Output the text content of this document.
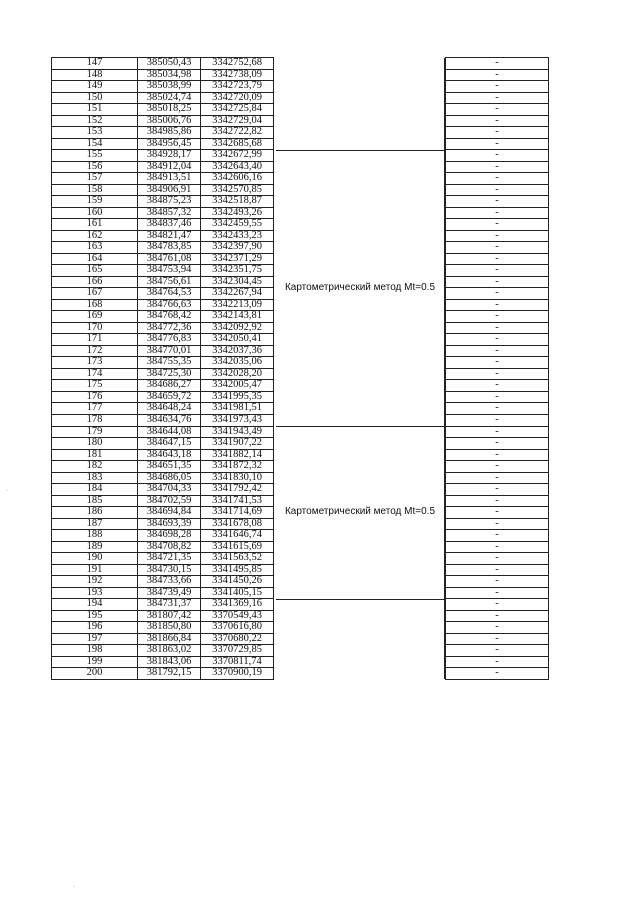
147	385050,43	3342752,68		-
148	385034,98	3342738,09		-
149	385038,99	3342723,79		-
150	385024,74	3342720,09		-
151	385018,25	3342725,84		-
152	385006,76	3342729,04		-
153	384985,86	3342722,82		-
154	384956,45	3342685,68		-
155	384928,17	3342672,99		-
156	384912,04	3342643,40		-
157	384913,51	3342606,16		-
158	384906,91	3342570,85		-
159	384875,23	3342518,87		-
160	384857,32	3342493,26		-
161	384837,46	3342459,55		-
162	384821,47	3342433,23		-
163	384783,85	3342397,90		-
164	384761,08	3342371,29		-
165	384753,94	3342351,75		-
166	384756,61	3342304,45		-
167	384764,53	3342267,94		-
168	384766,63	3342213,09		-
169	384768,42	3342143,81		-
170	384772,36	3342092,92		-
171	384776,83	3342050,41		-
172	384770,01	3342037,36		-
173	384755,35	3342035,06		-
174	384725,30	3342028,20		-
175	384686,27	3342005,47		-
176	384659,72	3341995,35		-
177	384648,24	3341981,51		-
178	384634,76	3341973,43		-
179	384644,08	3341943,49		-
180	384647,15	3341907,22		-
181	384643,18	3341882,14		-
182	384651,35	3341872,32		-
183	384686,05	3341830,10		-
184	384704,33	3341792,42		-
185	384702,59	3341741,53		-
186	384694,84	3341714,69		-
187	384693,39	3341678,08		-
188	384698,28	3341646,74		-
189	384708,82	3341615,69		-
190	384721,35	3341563,52		-
191	384730,15	3341495,85		-
192	384733,66	3341450,26		-
193	384739,49	3341405,15		-
194	384731,37	3341369,16		-
195	381807,42	3370549,43		-
196	381850,80	3370616,80		-
197	381866,84	3370680,22		-
198	381863,02	3370729,85		-
199	381843,06	3370811,74		-
200	381792,15	3370900,19		-
Картометрический метод Mt=0.5
Картометрический метод Mt=0.5
·
·
